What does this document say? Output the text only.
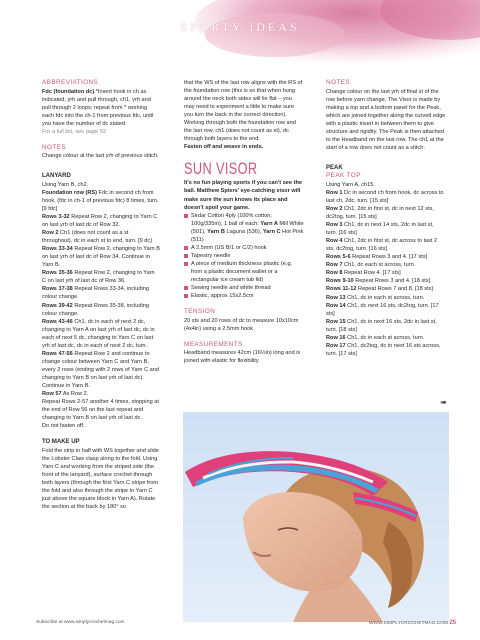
SPORTY IDEAS

ABBREVIATIONS

Fdc (foundation dc) *Insert hook in ch as indicated, yrh and pull through, ch1, yrh and pull through 2 loops; repeat from * working each fdc into the ch-1 from previous fdc, until you have the number of dc stated

For a full list, see page 92

NOTES

Change colour at the last yrh of previous stitch.

LANYARD

Using Yarn B, ch2.

Foundation row (RS) Fdc in second ch from hook, (fdc in ch-1 of previous fdc) 8 times, turn. [9 fdc]

Rows 3-32 Repeat Row 2, changing to Yarn C on last yrh of last dc of Row 32.

Row 2 Ch1 (does not count as a st throughout), dc in each st to end, turn. [9 dc]

Rows 33-34 Repeat Row 2, changing to Yarn B on last yrh of last dc of Row 34. Continue in Yarn B.

Rows 35-36 Repeat Row 2, changing to Yarn C on last yrh of last dc of Row 36.

Rows 37-38 Repeat Rows 33-34, including colour change.

Rows 39-42 Repeat Rows 35-38, including colour change.

Rows 43-46 Ch1, dc in each of next 2 dc, changing to Yarn A on last yrh of last dc, dc in each of next 5 dc, changing to Yarn C on last yrh of last dc, dc in each of next 2 dc, turn.

Rows 47-56 Repeat Row 2 and continue to change colour between Yarn C and Yarn B, every 2 rows (ending with 2 rows of Yarn C and changing to Yarn B on last yrh of last dc). Continue in Yarn B.

Row 57 As Row 2.

Repeat Rows 2-57 another 4 times, stopping at the end of Row 56 on the last repeat and changing to Yarn B on last yrh of last dc.

Do not fasten off.

TO MAKE UP

Fold the strip in half with WS together and slide the Lobster Claw clasp along to the fold. Using Yarn C and working from the striped side (the front of the lanyard), surface crochet through both layers (through the first Yarn C stripe from the fold and also through the stripe in Yarn C just above the square block in Yarn A). Rotate the section at the back by 180° so

that the WS of the last row aligns with the RS of the foundation row (this is so that when hung around the neck both sides will lie flat – you may need to experiment a little to make sure you turn the back in the correct direction). Working through both the foundation row and the last row, ch1 (does not count as st), dc through both layers to the end.

Fasten off and weave in ends.

SUN VISOR

It's no fun playing sports if you can't see the ball. Matthew Spiers' eye-catching visor will make sure the sun knows its place and doesn't spoil your game.

Sirdar Cotton 4ply (100% cotton, 100g/335m), 1 ball of each: Yarn A Mill White (501), Yarn B Laguna (536), Yarn C Hot Pink (511)
A 2.5mm (US B/1 or C/2) hook
Tapestry needle
A piece of medium thickness plastic (e.g, from a plastic document wallet or a rectangular ice cream tub lid)
Sewing needle and white thread
Elastic, approx 15x2.5cm

TENSION

20 sts and 20 rows of dc to measure 10x10cm (4x4in) using a 2.5mm hook

MEASUREMENTS

Headband measures 42cm (16½in) long and is joined with elastic for flexibility

NOTES

Change colour on the last yrh of final st of the row before yarn change. The Visor is made by making a top and a bottom panel for the Peak, which are joined together along the curved edge with a plastic insert in between them to give structure and rigidity. The Peak is then attached to the Headband on the last row. The ch1 at the start of a row does not count as a stitch.

PEAK

PEAK TOP

Using Yarn A, ch15.

Row 1 Dc in second ch from hook, dc across to last ch, 2dc, turn. [15 sts]

Row 2 Ch1, 2dc in first st, dc in next 12 sts, dc2tog, turn. [15 sts]

Row 3 Ch1, dc in next 14 sts, 2dc in last st, turn. [16 sts]

Row 4 Ch1, 2dc in first st, dc across to last 2 sts, dc2tog, turn. [16 sts]

Rows 5-6 Repeat Rows 3 and 4. [17 sts]

Row 7 Ch1, dc each st across, turn.

Row 8 Repeat Row 4. [17 sts]

Rows 9-10 Repeat Rows 3 and 4. [18 sts]

Rows 11-12 Repeat Rows 7 and 8. [18 sts]

Row 13 Ch1, dc in each st across, turn.

Row 14 Ch1, dc next 16 sts, dc2tog, turn. [17 sts]

Row 15 Ch1, dc in next 16 sts, 2dc in last st, turn. [18 sts]

Row 16 Ch1, dc in each st across, turn.

Row 17 Ch1, dc2tog, dc in next 16 sts across, turn. [17 sts]

➠
Subscribe at www.simplycrochetmag.com	WWW.SIMPLYCROCHETMAG.COM 25
